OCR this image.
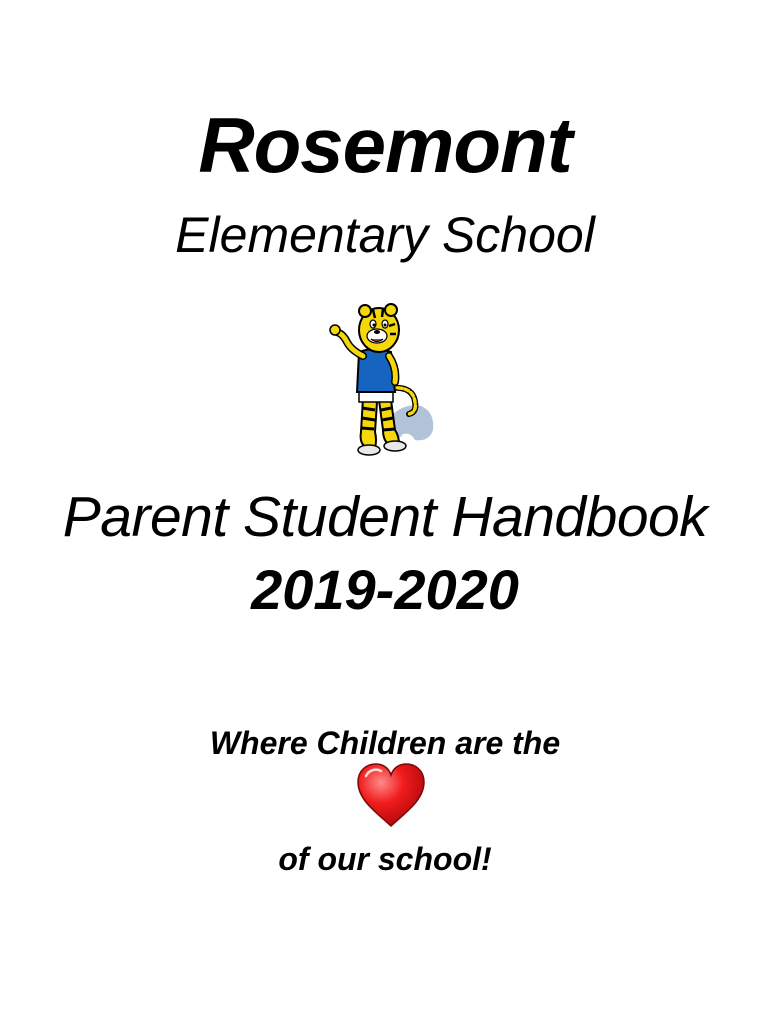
Rosemont
Elementary School
Parent Student Handbook
2019-2020
Where Children are the
of our school!
